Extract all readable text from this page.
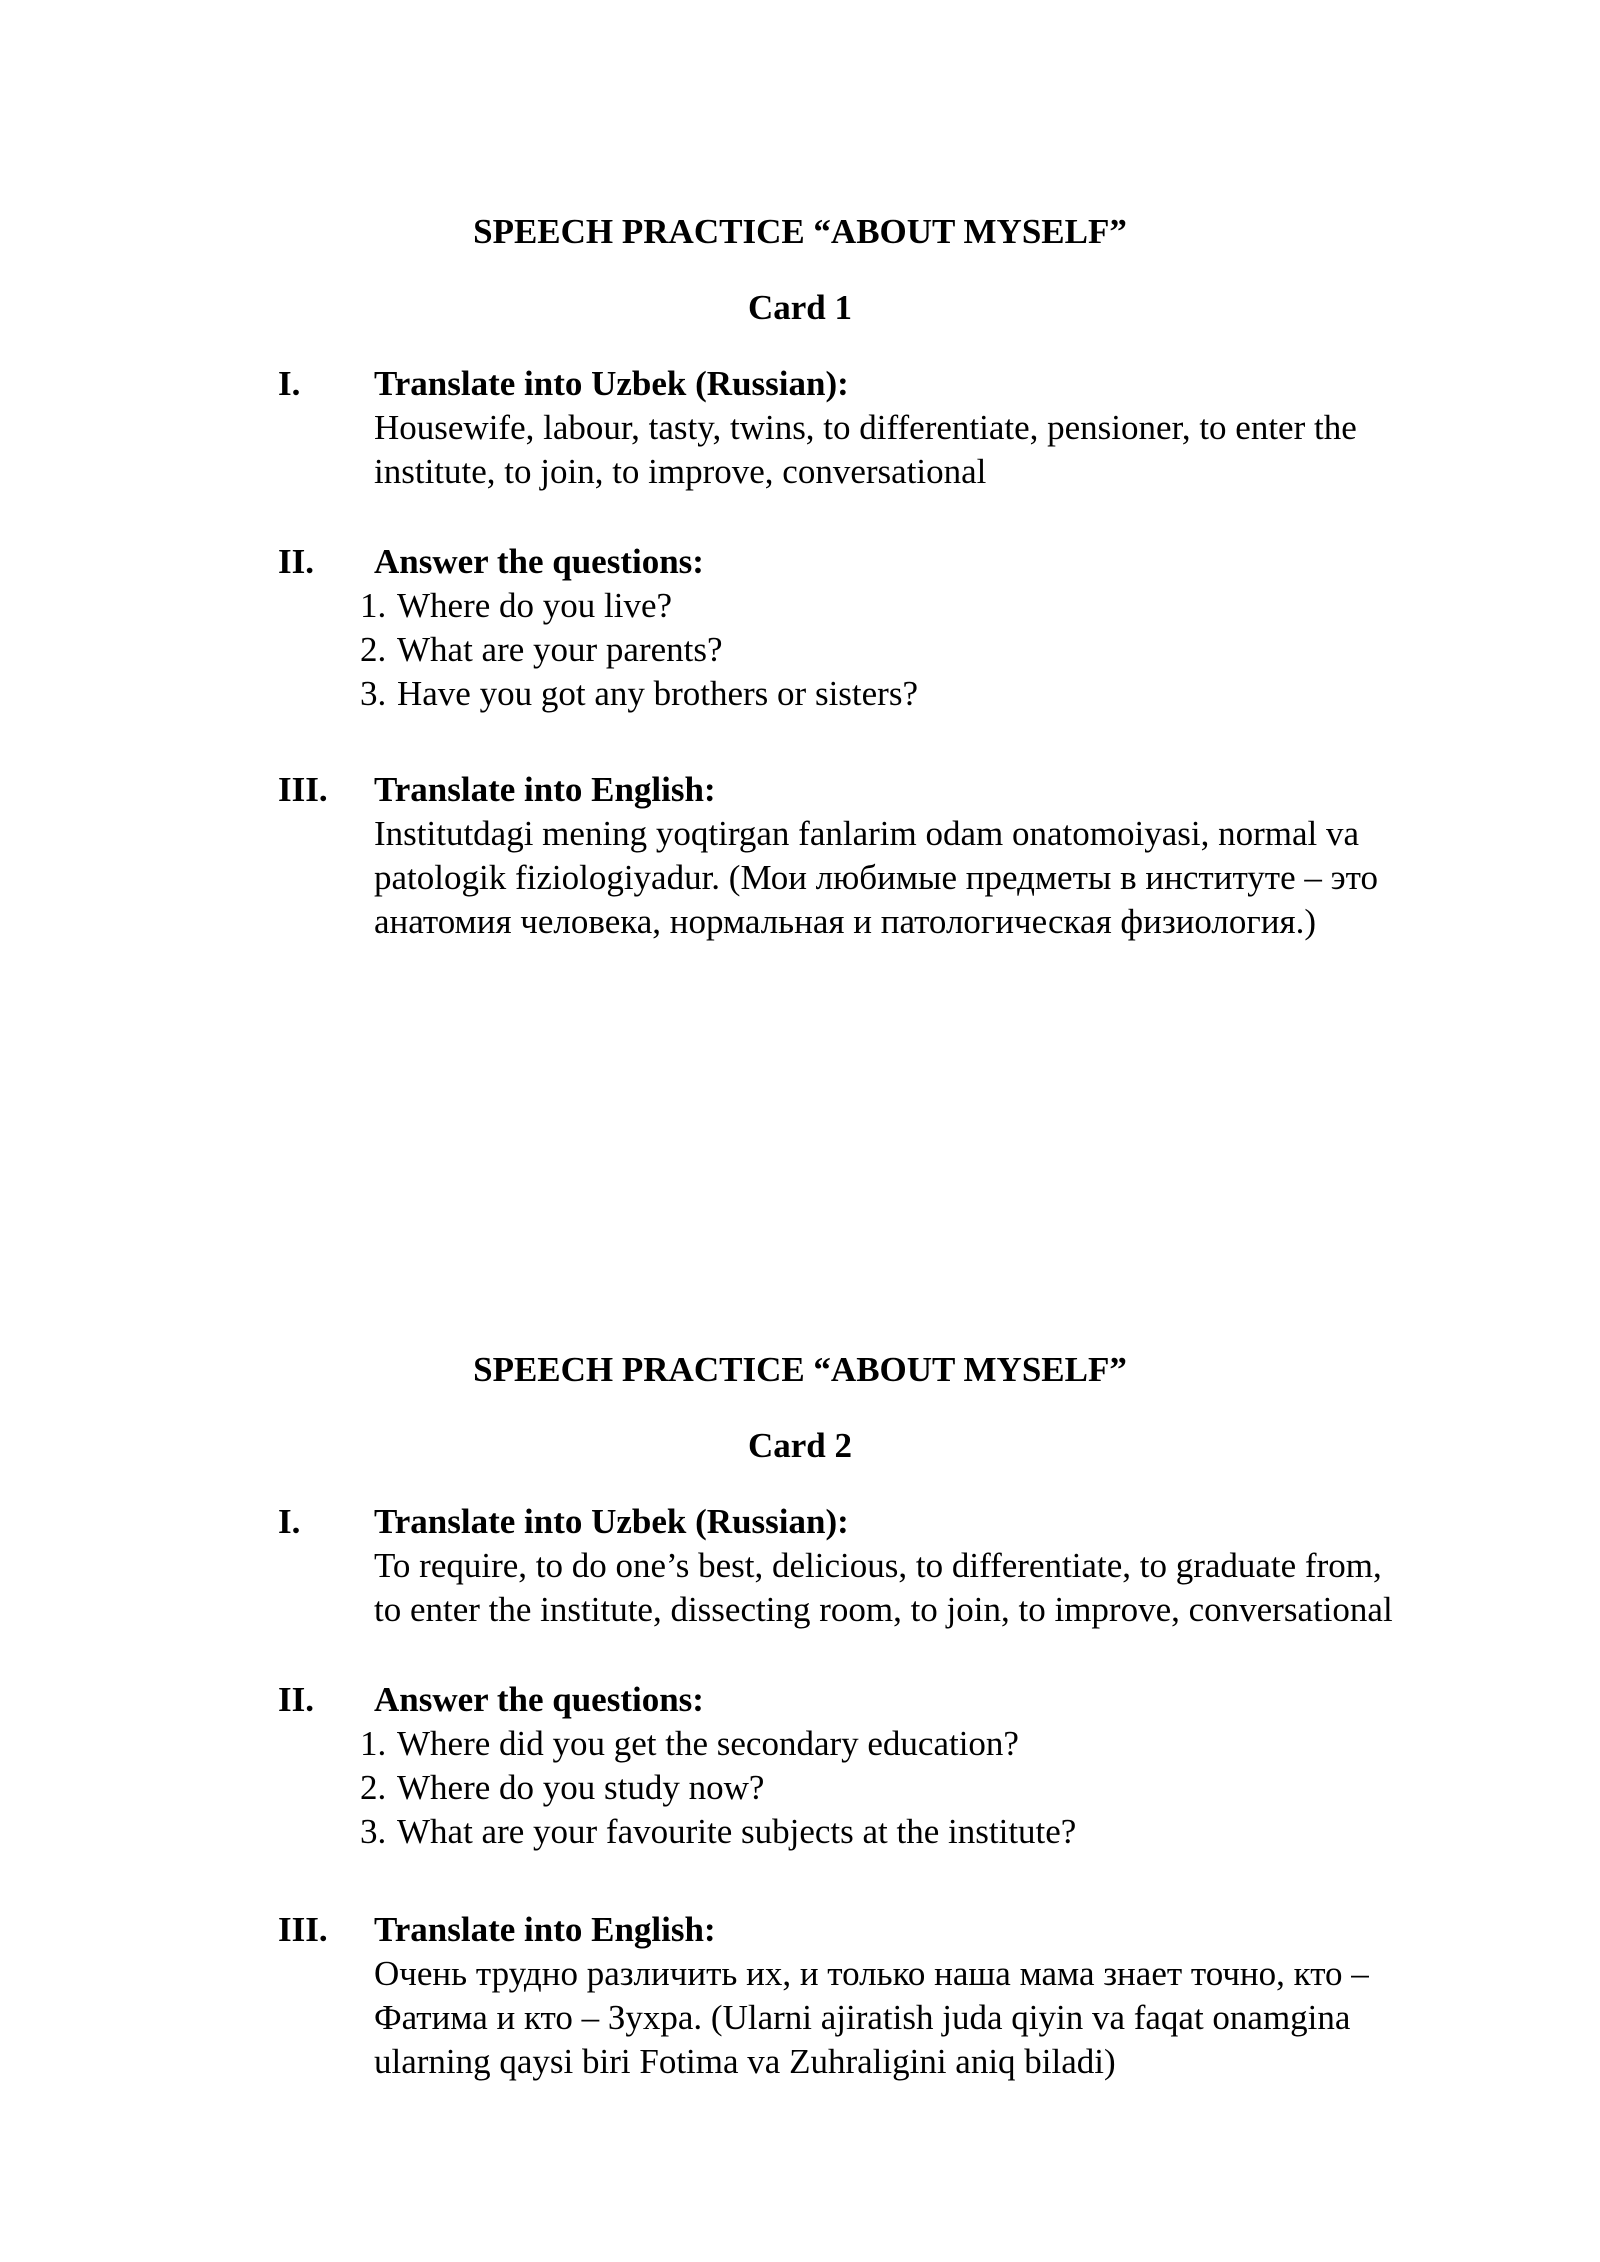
SPEECH PRACTICE “ABOUT MYSELF”
Card 1
I. Translate into Uzbek (Russian):
Housewife, labour, tasty, twins, to differentiate, pensioner, to enter the
institute, to join, to improve, conversational
II. Answer the questions:
1. Where do you live?
2. What are your parents?
3. Have you got any brothers or sisters?
III. Translate into English:
Institutdagi mening yoqtirgan fanlarim odam onatomoiyasi, normal va
patologik fiziologiyadur. (Мои любимые предметы в институте – это
анатомия человека, нормальная и патологическая физиология.)
SPEECH PRACTICE “ABOUT MYSELF”
Card 2
I. Translate into Uzbek (Russian):
To require, to do one’s best, delicious, to differentiate, to graduate from,
to enter the institute, dissecting room, to join, to improve, conversational
II. Answer the questions:
1. Where did you get the secondary education?
2. Where do you study now?
3. What are your favourite subjects at the institute?
III. Translate into English:
Очень трудно различить их, и только наша мама знает точно, кто –
Фатима и кто – Зухра. (Ularni ajiratish juda qiyin va faqat onamgina
ularning qaysi biri Fotima va Zuhraligini aniq biladi)
